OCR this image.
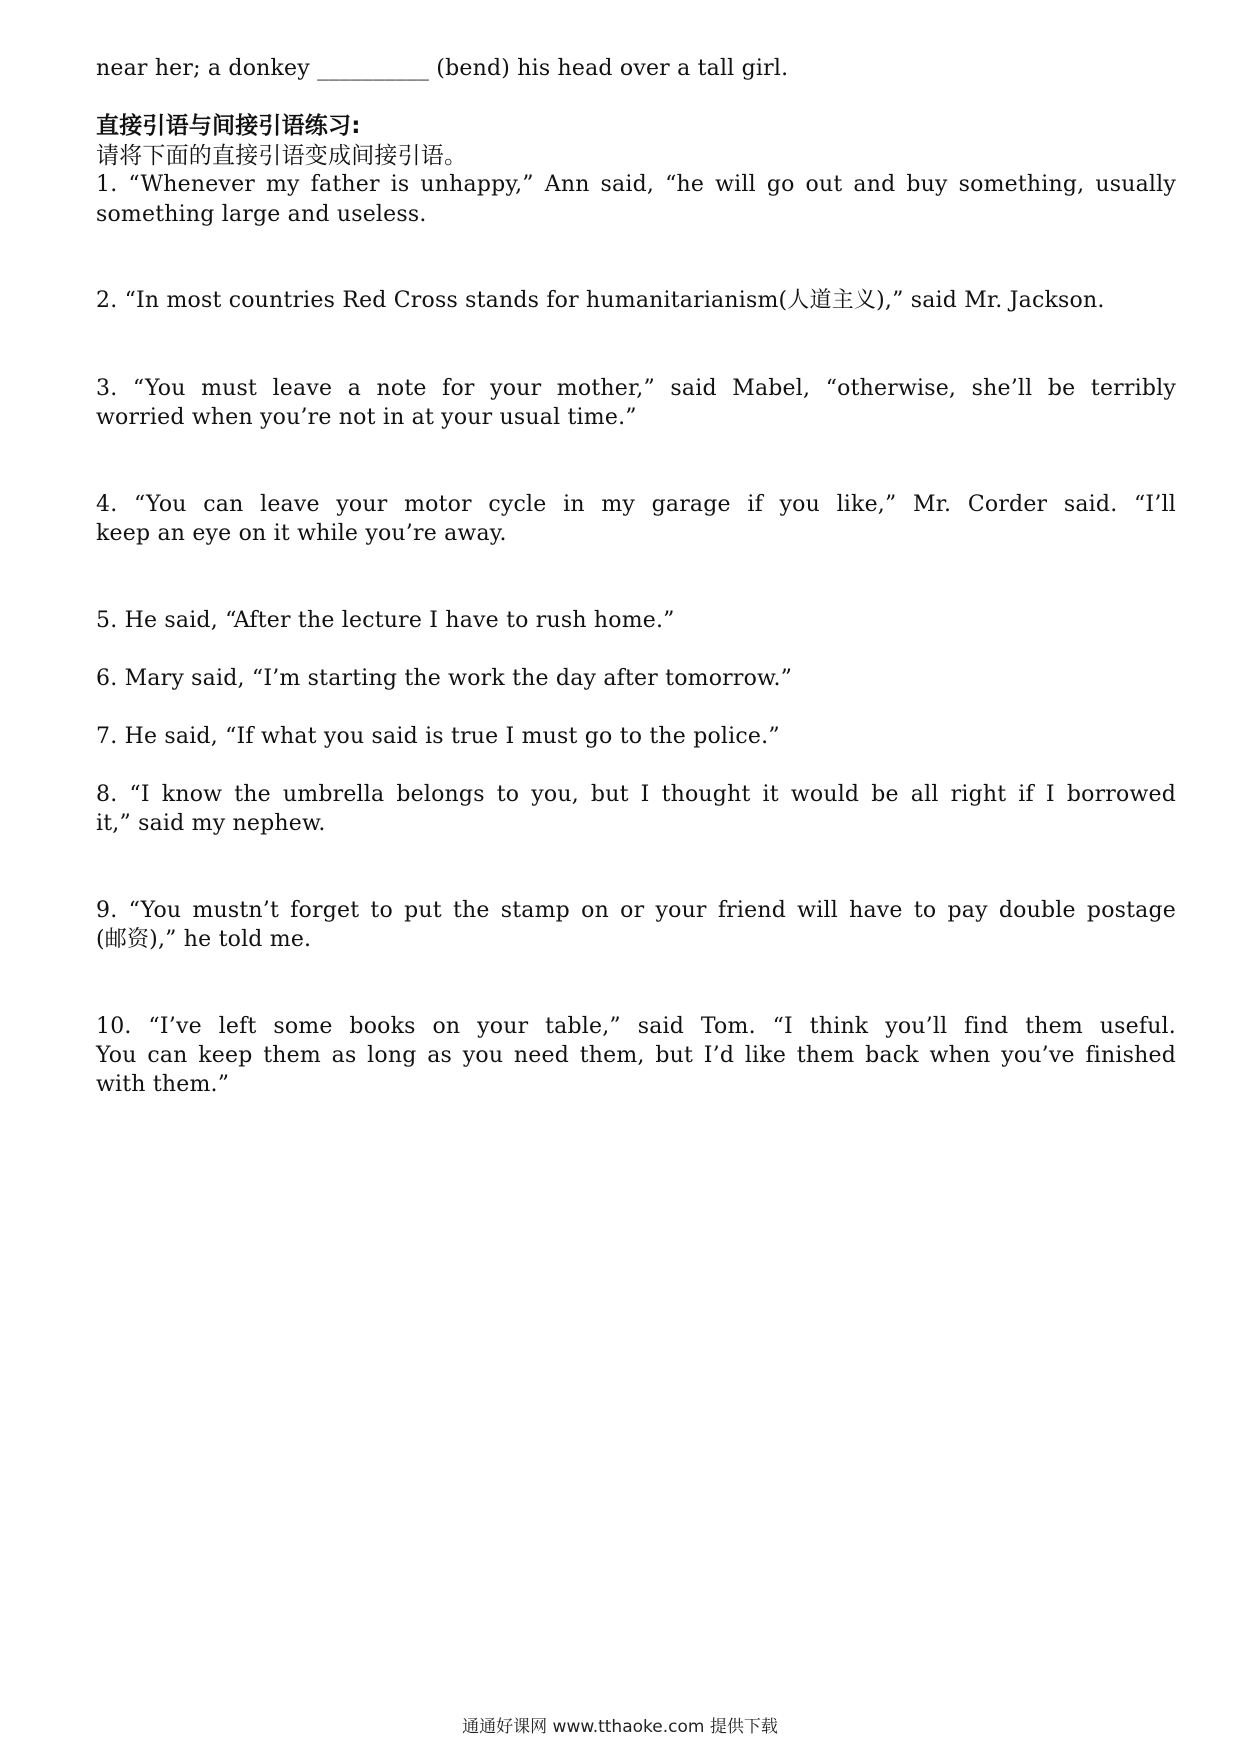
near her; a donkey __________ (bend) his head over a tall girl.
直接引语与间接引语练习:
请将下面的直接引语变成间接引语。
1. “Whenever my father is unhappy,” Ann said, “he will go out and buy something, usually
something large and useless.
2. “In most countries Red Cross stands for humanitarianism(人道主义),” said Mr. Jackson.
3. “You must leave a note for your mother,” said Mabel, “otherwise, she’ll be terribly
worried when you’re not in at your usual time.”
4. “You can leave your motor cycle in my garage if you like,” Mr. Corder said. “I’ll
keep an eye on it while you’re away.
5. He said, “After the lecture I have to rush home.”
6. Mary said, “I’m starting the work the day after tomorrow.”
7. He said, “If what you said is true I must go to the police.”
8. “I know the umbrella belongs to you, but I thought it would be all right if I borrowed
it,” said my nephew.
9. “You mustn’t forget to put the stamp on or your friend will have to pay double postage
(邮资),” he told me.
10. “I’ve left some books on your table,” said Tom. “I think you’ll find them useful.
You can keep them as long as you need them, but I’d like them back when you’ve finished
with them.”
通通好课网 www.tthaoke.com 提供下载
